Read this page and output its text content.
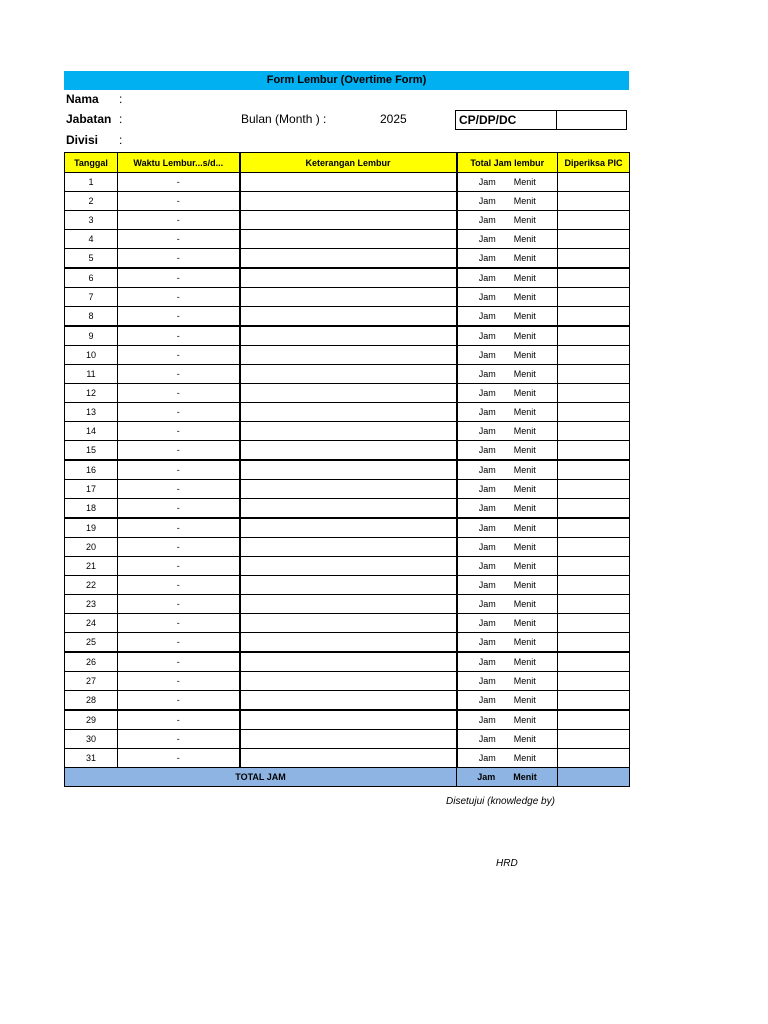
Form Lembur (Overtime Form)
Nama :
Jabatan :
Divisi :
Bulan (Month ) :	2025	CP/DP/DC
Tanggal	Waktu Lembur...s/d...	Keterangan Lembur	Total Jam lembur	Diperiksa PIC
1	-		Jam Menit	

2	-		Jam Menit	

3	-		Jam Menit	

4	-		Jam Menit	

5	-		Jam Menit	

6	-		Jam Menit	

7	-		Jam Menit	

8	-		Jam Menit	

9	-		Jam Menit	

10	-		Jam Menit	

11	-		Jam Menit	

12	-		Jam Menit	

13	-		Jam Menit	

14	-		Jam Menit	

15	-		Jam Menit	

16	-		Jam Menit	

17	-		Jam Menit	

18	-		Jam Menit	

19	-		Jam Menit	

20	-		Jam Menit	

21	-		Jam Menit	

22	-		Jam Menit	

23	-		Jam Menit	

24	-		Jam Menit	

25	-		Jam Menit	

26	-		Jam Menit	

27	-		Jam Menit	

28	-		Jam Menit	

29	-		Jam Menit	

30	-		Jam Menit	

31	-		Jam Menit	

TOTAL JAM			Jam Menit	

Disetujui (knowledge by)
HRD
